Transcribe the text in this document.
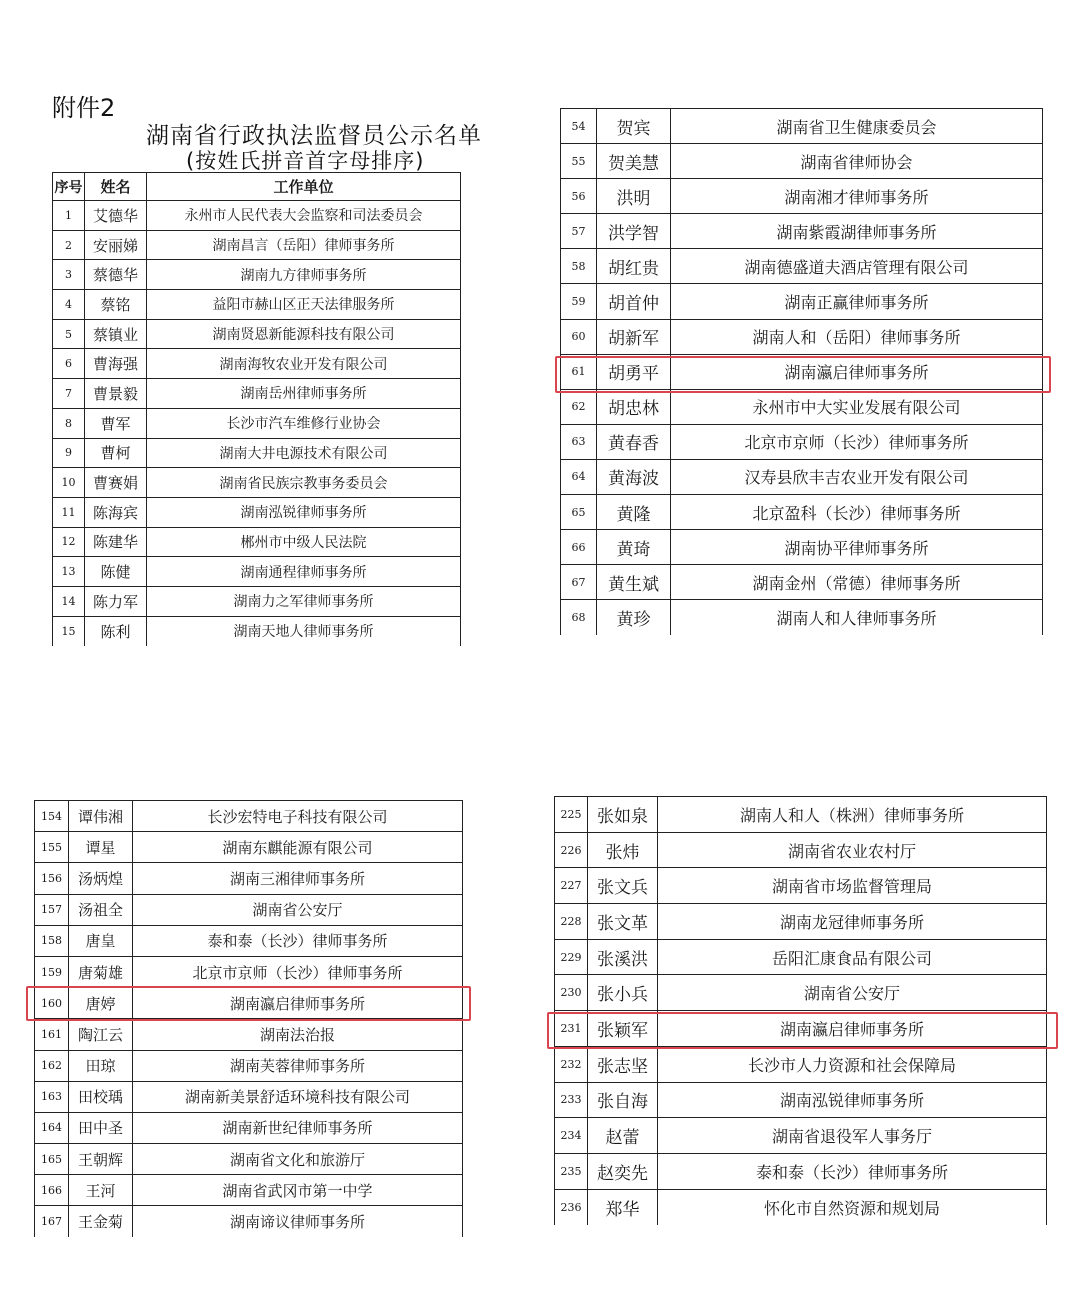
附件2
湖南省行政执法监督员公示名单
(按姓氏拼音首字母排序)
序号	姓名	工作单位
1	艾德华	永州市人民代表大会监察和司法委员会
2	安丽娣	湖南昌言（岳阳）律师事务所
3	蔡德华	湖南九方律师事务所
4	蔡铭	益阳市赫山区正天法律服务所
5	蔡镇业	湖南贤恩新能源科技有限公司
6	曹海强	湖南海牧农业开发有限公司
7	曹景毅	湖南岳州律师事务所
8	曹军	长沙市汽车维修行业协会
9	曹柯	湖南大井电源技术有限公司
10	曹赛娟	湖南省民族宗教事务委员会
11	陈海宾	湖南泓锐律师事务所
12	陈建华	郴州市中级人民法院
13	陈健	湖南通程律师事务所
14	陈力军	湖南力之军律师事务所
15	陈利	湖南天地人律师事务所
54	贺宾	湖南省卫生健康委员会
55	贺美慧	湖南省律师协会
56	洪明	湖南湘才律师事务所
57	洪学智	湖南紫霞湖律师事务所
58	胡红贵	湖南德盛道夫酒店管理有限公司
59	胡首仲	湖南正赢律师事务所
60	胡新军	湖南人和（岳阳）律师事务所
61	胡勇平	湖南瀛启律师事务所
62	胡忠林	永州市中大实业发展有限公司
63	黄春香	北京市京师（长沙）律师事务所
64	黄海波	汉寿县欣丰吉农业开发有限公司
65	黄隆	北京盈科（长沙）律师事务所
66	黄琦	湖南协平律师事务所
67	黄生斌	湖南金州（常德）律师事务所
68	黄珍	湖南人和人律师事务所
154	谭伟湘	长沙宏特电子科技有限公司
155	谭星	湖南东麒能源有限公司
156	汤炳煌	湖南三湘律师事务所
157	汤祖全	湖南省公安厅
158	唐皇	泰和泰（长沙）律师事务所
159	唐菊雄	北京市京师（长沙）律师事务所
160	唐婷	湖南瀛启律师事务所
161	陶江云	湖南法治报
162	田琼	湖南芙蓉律师事务所
163	田校瑀	湖南新美景舒适环境科技有限公司
164	田中圣	湖南新世纪律师事务所
165	王朝辉	湖南省文化和旅游厅
166	王河	湖南省武冈市第一中学
167	王金菊	湖南谛议律师事务所
225	张如泉	湖南人和人（株洲）律师事务所
226	张炜	湖南省农业农村厅
227	张文兵	湖南省市场监督管理局
228	张文革	湖南龙冠律师事务所
229	张溪洪	岳阳汇康食品有限公司
230	张小兵	湖南省公安厅
231	张颖军	湖南瀛启律师事务所
232	张志坚	长沙市人力资源和社会保障局
233	张自海	湖南泓锐律师事务所
234	赵蕾	湖南省退役军人事务厅
235	赵奕先	泰和泰（长沙）律师事务所
236	郑华	怀化市自然资源和规划局
